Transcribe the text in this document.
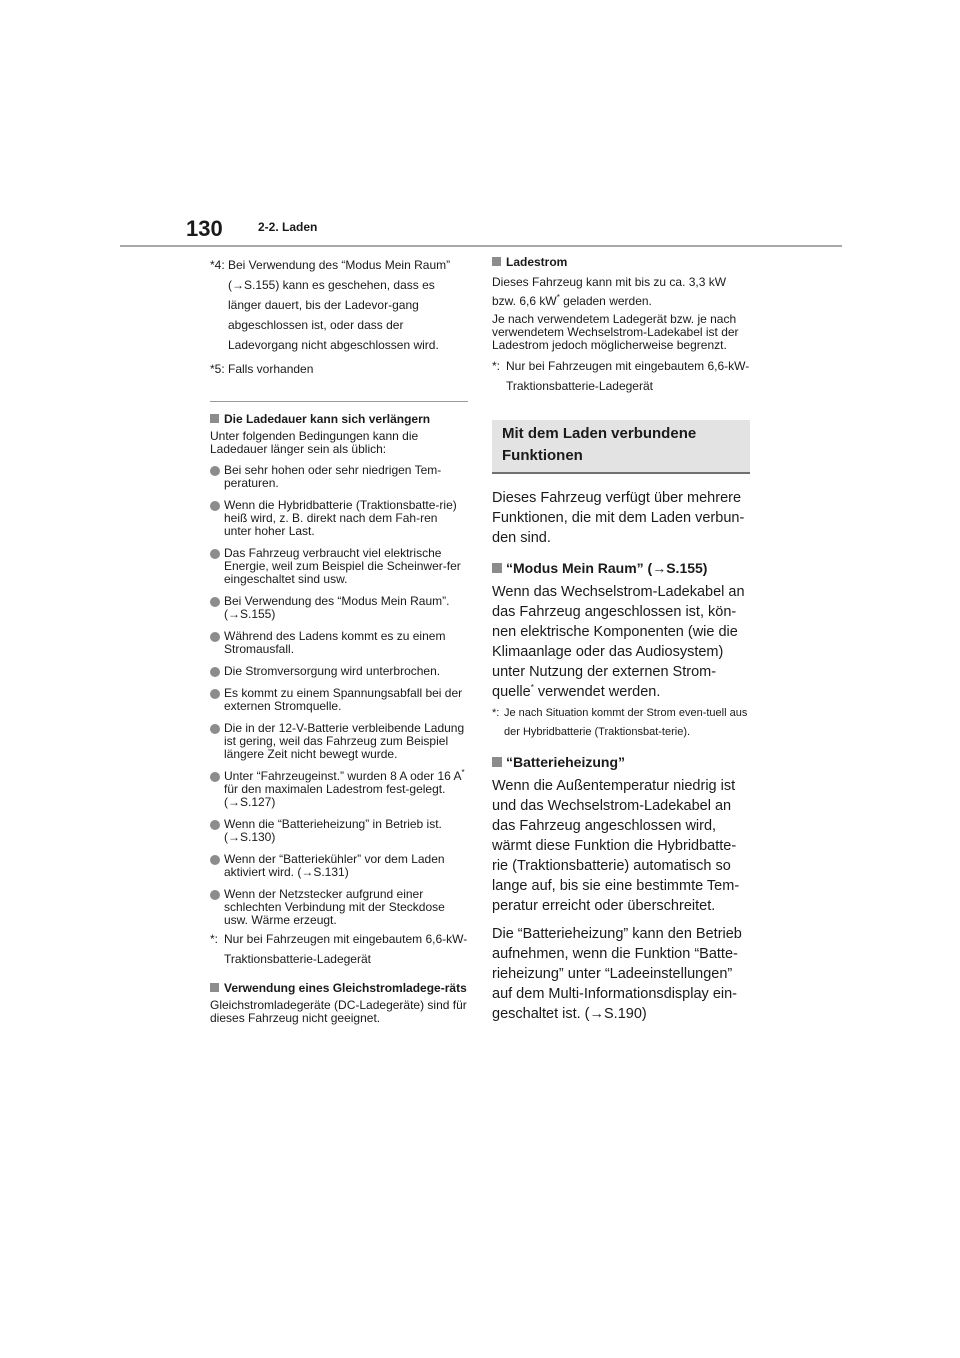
130	2-2. Laden

*4: Bei Verwendung des “Modus Mein Raum” (→S.155) kann es geschehen, dass es länger dauert, bis der Ladevor-gang abgeschlossen ist, oder dass der Ladevorgang nicht abgeschlossen wird.

*5: Falls vorhanden

Die Ladedauer kann sich verlängern

Unter folgenden Bedingungen kann die Ladedauer länger sein als üblich:

Bei sehr hohen oder sehr niedrigen Tem-peraturen.
Wenn die Hybridbatterie (Traktionsbatte-rie) heiß wird, z. B. direkt nach dem Fah-ren unter hoher Last.
Das Fahrzeug verbraucht viel elektrische Energie, weil zum Beispiel die Scheinwer-fer eingeschaltet sind usw.
Bei Verwendung des “Modus Mein Raum”. (→S.155)
Während des Ladens kommt es zu einem Stromausfall.
Die Stromversorgung wird unterbrochen.
Es kommt zu einem Spannungsabfall bei der externen Stromquelle.
Die in der 12-V-Batterie verbleibende Ladung ist gering, weil das Fahrzeug zum Beispiel längere Zeit nicht bewegt wurde.
Unter “Fahrzeugeinst.” wurden 8 A oder 16 A* für den maximalen Ladestrom fest-gelegt. (→S.127)
Wenn die “Batterieheizung” in Betrieb ist. (→S.130)
Wenn der “Batteriekühler” vor dem Laden aktiviert wird. (→S.131)
Wenn der Netzstecker aufgrund einer schlechten Verbindung mit der Steckdose usw. Wärme erzeugt.

*: Nur bei Fahrzeugen mit eingebautem 6,6-kW-Traktionsbatterie-Ladegerät

Verwendung eines Gleichstromladege-räts

Gleichstromladegeräte (DC-Ladegeräte) sind für dieses Fahrzeug nicht geeignet.

Ladestrom

Dieses Fahrzeug kann mit bis zu ca. 3,3 kW bzw. 6,6 kW* geladen werden.

Je nach verwendetem Ladegerät bzw. je nach verwendetem Wechselstrom-Ladekabel ist der Ladestrom jedoch möglicherweise begrenzt.

*: Nur bei Fahrzeugen mit eingebautem 6,6-kW-Traktionsbatterie-Ladegerät

Mit dem Laden verbundene Funktionen

Dieses Fahrzeug verfügt über mehrere Funktionen, die mit dem Laden verbun-den sind.

“Modus Mein Raum” (→S.155)

Wenn das Wechselstrom-Ladekabel an das Fahrzeug angeschlossen ist, kön-nen elektrische Komponenten (wie die Klimaanlage oder das Audiosystem) unter Nutzung der externen Strom-quelle* verwendet werden.

*: Je nach Situation kommt der Strom even-tuell aus der Hybridbatterie (Traktionsbat-terie).

“Batterieheizung”

Wenn die Außentemperatur niedrig ist und das Wechselstrom-Ladekabel an das Fahrzeug angeschlossen wird, wärmt diese Funktion die Hybridbatte-rie (Traktionsbatterie) automatisch so lange auf, bis sie eine bestimmte Tem-peratur erreicht oder überschreitet.

Die “Batterieheizung” kann den Betrieb aufnehmen, wenn die Funktion “Batte-rieheizung” unter “Ladeeinstellungen” auf dem Multi-Informationsdisplay ein-geschaltet ist. (→S.190)
